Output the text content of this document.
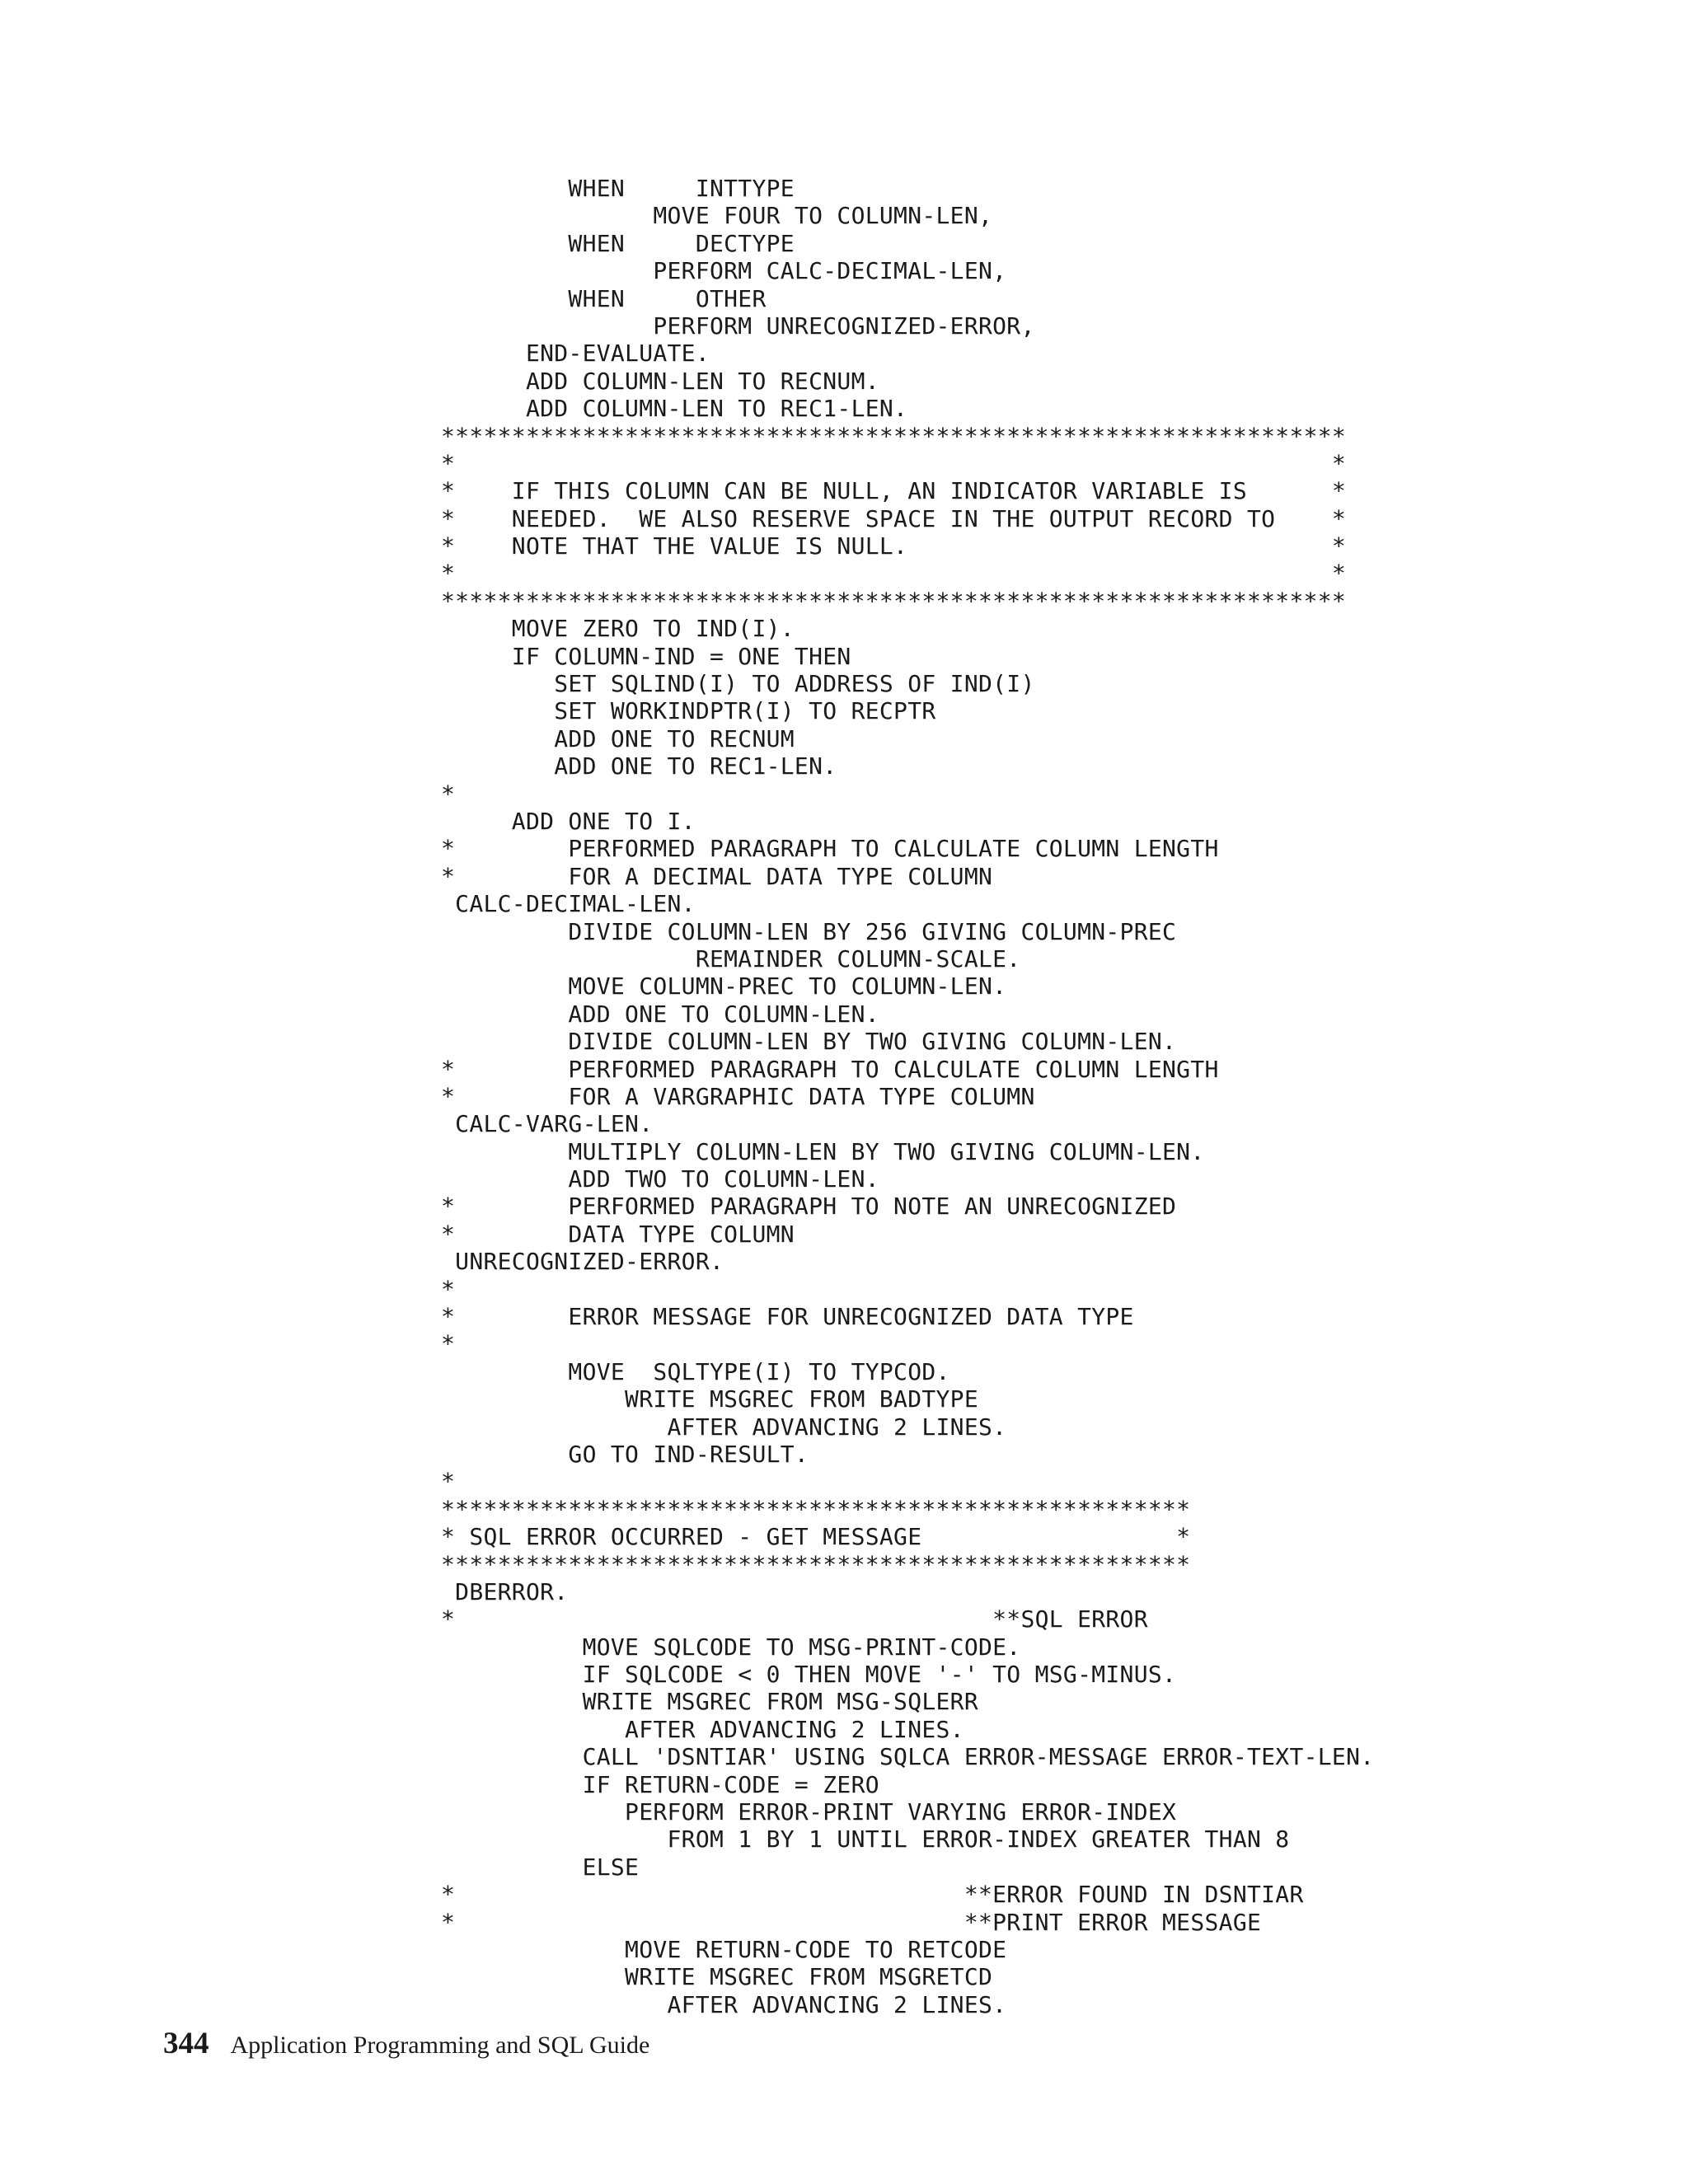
WHEN     INTTYPE
MOVE FOUR TO COLUMN-LEN,
WHEN     DECTYPE
PERFORM CALC-DECIMAL-LEN,
WHEN     OTHER
PERFORM UNRECOGNIZED-ERROR,
END-EVALUATE.
ADD COLUMN-LEN TO RECNUM.
ADD COLUMN-LEN TO REC1-LEN.
****************************************************************
*                                                              *
*    IF THIS COLUMN CAN BE NULL, AN INDICATOR VARIABLE IS      *
*    NEEDED.  WE ALSO RESERVE SPACE IN THE OUTPUT RECORD TO    *
*    NOTE THAT THE VALUE IS NULL.                              *
*                                                              *
****************************************************************
MOVE ZERO TO IND(I).
IF COLUMN-IND = ONE THEN
SET SQLIND(I) TO ADDRESS OF IND(I)
SET WORKINDPTR(I) TO RECPTR
ADD ONE TO RECNUM
ADD ONE TO REC1-LEN.
*
ADD ONE TO I.
*        PERFORMED PARAGRAPH TO CALCULATE COLUMN LENGTH
*        FOR A DECIMAL DATA TYPE COLUMN
CALC-DECIMAL-LEN.
DIVIDE COLUMN-LEN BY 256 GIVING COLUMN-PREC
REMAINDER COLUMN-SCALE.
MOVE COLUMN-PREC TO COLUMN-LEN.
ADD ONE TO COLUMN-LEN.
DIVIDE COLUMN-LEN BY TWO GIVING COLUMN-LEN.
*        PERFORMED PARAGRAPH TO CALCULATE COLUMN LENGTH
*        FOR A VARGRAPHIC DATA TYPE COLUMN
CALC-VARG-LEN.
MULTIPLY COLUMN-LEN BY TWO GIVING COLUMN-LEN.
ADD TWO TO COLUMN-LEN.
*        PERFORMED PARAGRAPH TO NOTE AN UNRECOGNIZED
*        DATA TYPE COLUMN
UNRECOGNIZED-ERROR.
*
*        ERROR MESSAGE FOR UNRECOGNIZED DATA TYPE
*
MOVE  SQLTYPE(I) TO TYPCOD.
WRITE MSGREC FROM BADTYPE
AFTER ADVANCING 2 LINES.
GO TO IND-RESULT.
*
*****************************************************
* SQL ERROR OCCURRED - GET MESSAGE                  *
*****************************************************
DBERROR.
*                                      **SQL ERROR
MOVE SQLCODE TO MSG-PRINT-CODE.
IF SQLCODE < 0 THEN MOVE '-' TO MSG-MINUS.
WRITE MSGREC FROM MSG-SQLERR
AFTER ADVANCING 2 LINES.
CALL 'DSNTIAR' USING SQLCA ERROR-MESSAGE ERROR-TEXT-LEN.
IF RETURN-CODE = ZERO
PERFORM ERROR-PRINT VARYING ERROR-INDEX
FROM 1 BY 1 UNTIL ERROR-INDEX GREATER THAN 8
ELSE
*                                    **ERROR FOUND IN DSNTIAR
*                                    **PRINT ERROR MESSAGE
MOVE RETURN-CODE TO RETCODE
WRITE MSGREC FROM MSGRETCD
AFTER ADVANCING 2 LINES.
344 Application Programming and SQL Guide
